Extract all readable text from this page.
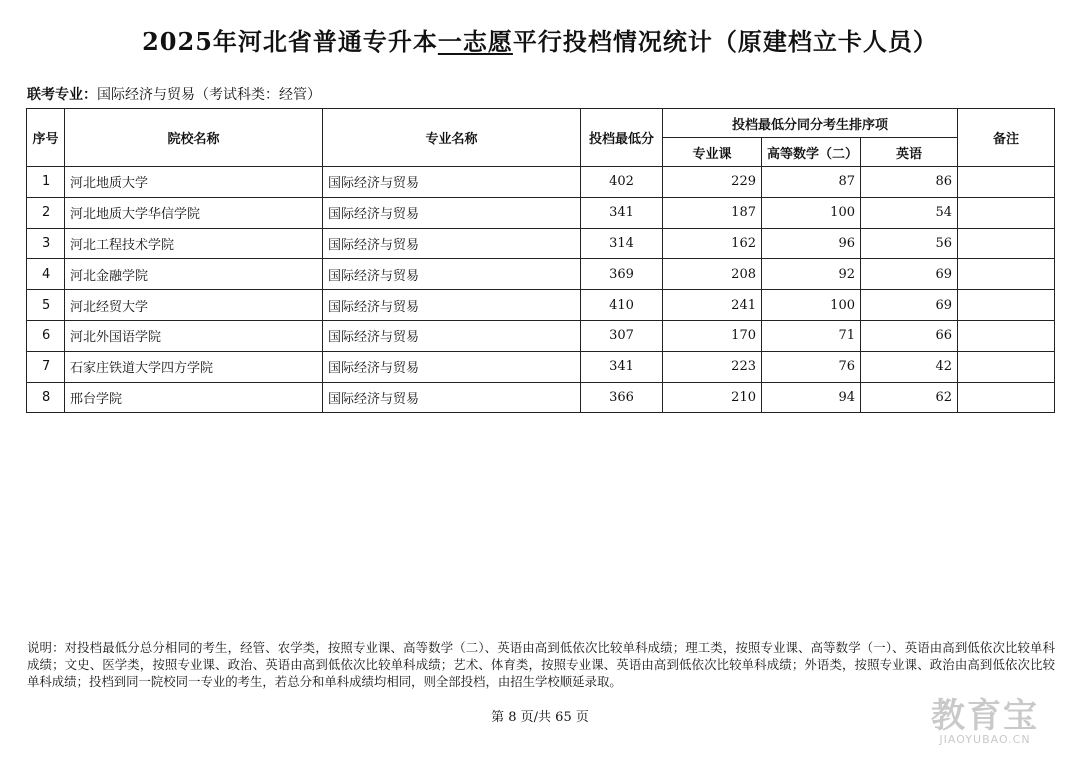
2025年河北省普通专升本一志愿平行投档情况统计（原建档立卡人员）
联考专业：国际经济与贸易（考试科类：经管）
序号	院校名称	专业名称	投档最低分	投档最低分同分考生排序项			备注
				专业课	高等数学（二）	英语	
1	河北地质大学	国际经济与贸易	402	229	87	86	
2	河北地质大学华信学院	国际经济与贸易	341	187	100	54	
3	河北工程技术学院	国际经济与贸易	314	162	96	56	
4	河北金融学院	国际经济与贸易	369	208	92	69	
5	河北经贸大学	国际经济与贸易	410	241	100	69	
6	河北外国语学院	国际经济与贸易	307	170	71	66	
7	石家庄铁道大学四方学院	国际经济与贸易	341	223	76	42	
8	邢台学院	国际经济与贸易	366	210	94	62	
说明：对投档最低分总分相同的考生，经管、农学类，按照专业课、高等数学（二）、英语由高到低依次比较单科成绩；理工类，按照专业课、高等数学（一）、英语由高到低依次比较单科成绩；文史、医学类，按照专业课、政治、英语由高到低依次比较单科成绩；艺术、体育类，按照专业课、英语由高到低依次比较单科成绩；外语类，按照专业课、政治由高到低依次比较单科成绩；投档到同一院校同一专业的考生，若总分和单科成绩均相同，则全部投档，由招生学校顺延录取。
第 8 页/共 65 页	教育宝
JIAOYUBAO.CN
